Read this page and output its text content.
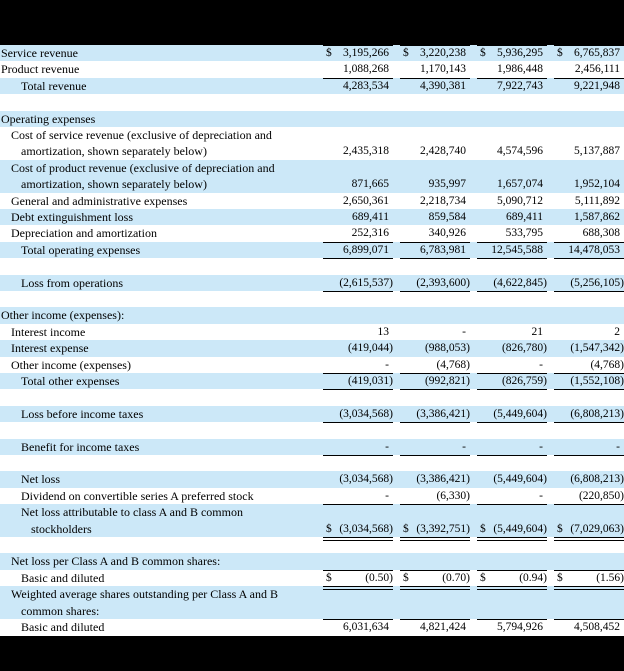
Service revenue	$ 3,195,266 $ 3,220,238 $ 5,936,295 $ 6,765,837
Product revenue	1,088,268	1,170,143	1,986,448	2,456,111
Total revenue	4,283,534	4,390,381	7,922,743	9,221,948
Operating expenses
Cost of service revenue (exclusive of depreciation and
amortization, shown separately below)	2,435,318	2,428,740	4,574,596	5,137,887
Cost of product revenue (exclusive of depreciation and
amortization, shown separately below)	871,665	935,997	1,657,074	1,952,104
General and administrative expenses	2,650,361	2,218,734	5,090,712	5,111,892
Debt extinguishment loss	689,411	859,584	689,411	1,587,862
Depreciation and amortization	252,316	340,926	533,795	688,308
Total operating expenses	6,899,071	6,783,981 12,545,588 14,478,053
Loss from operations	(2,615,537) (2,393,600) (4,622,845) (5,256,105)
Other income (expenses):
Interest income	13	-	21	2
Interest expense	(419,044)	(988,053)	(826,780) (1,547,342)
Other income (expenses)	-	(4,768)	-	(4,768)
Total other expenses	(419,031)	(992,821)	(826,759) (1,552,108)
Loss before income taxes	(3,034,568) (3,386,421) (5,449,604) (6,808,213)
Benefit for income taxes	-	-	-	-
Net loss	(3,034,568) (3,386,421) (5,449,604) (6,808,213)
Dividend on convertible series A preferred stock	-	(6,330)	-	(220,850)
Net loss attributable to class A and B common
stockholders	$ (3,034,568) $ (3,392,751) $ (5,449,604) $ (7,029,063)
Net loss per Class A and B common shares:
Basic and diluted	$	(0.50) $	(0.70) $	(0.94) $	(1.56)
Weighted average shares outstanding per Class A and B
common shares:
Basic and diluted	6,031,634	4,821,424	5,794,926	4,508,452
